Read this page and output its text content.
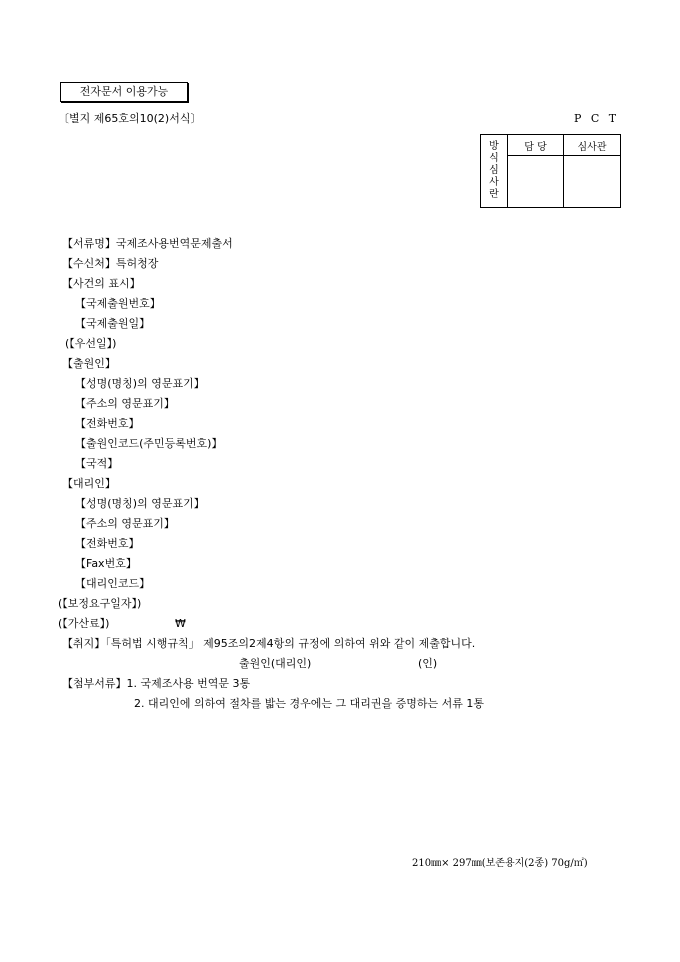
전자문서 이용가능
〔별지 제65호의10(2)서식〕	P C T
방
식
심
사
란	담 당	심사관

【서류명】국제조사용번역문제출서
【수신처】특허청장
【사건의 표시】
【국제출원번호】
【국제출원일】
(【우선일】)
【출원인】
【성명(명칭)의 영문표기】
【주소의 영문표기】
【전화번호】
【출원인코드(주민등록번호)】
【국적】
【대리인】
【성명(명칭)의 영문표기】
【주소의 영문표기】
【전화번호】
【Fax번호】
【대리인코드】
(【보정요구일자】)
(【가산료】)	₩
【취지】「특허법 시행규칙」 제95조의2제4항의 규정에 의하여 위와 같이 제출합니다.
출원인(대리인)	(인)
【첨부서류】1. 국제조사용 번역문 3통
2. 대리인에 의하여 절차를 밟는 경우에는 그 대리권을 증명하는 서류 1통
210㎜× 297㎜(보존용지(2종) 70g/㎡)
